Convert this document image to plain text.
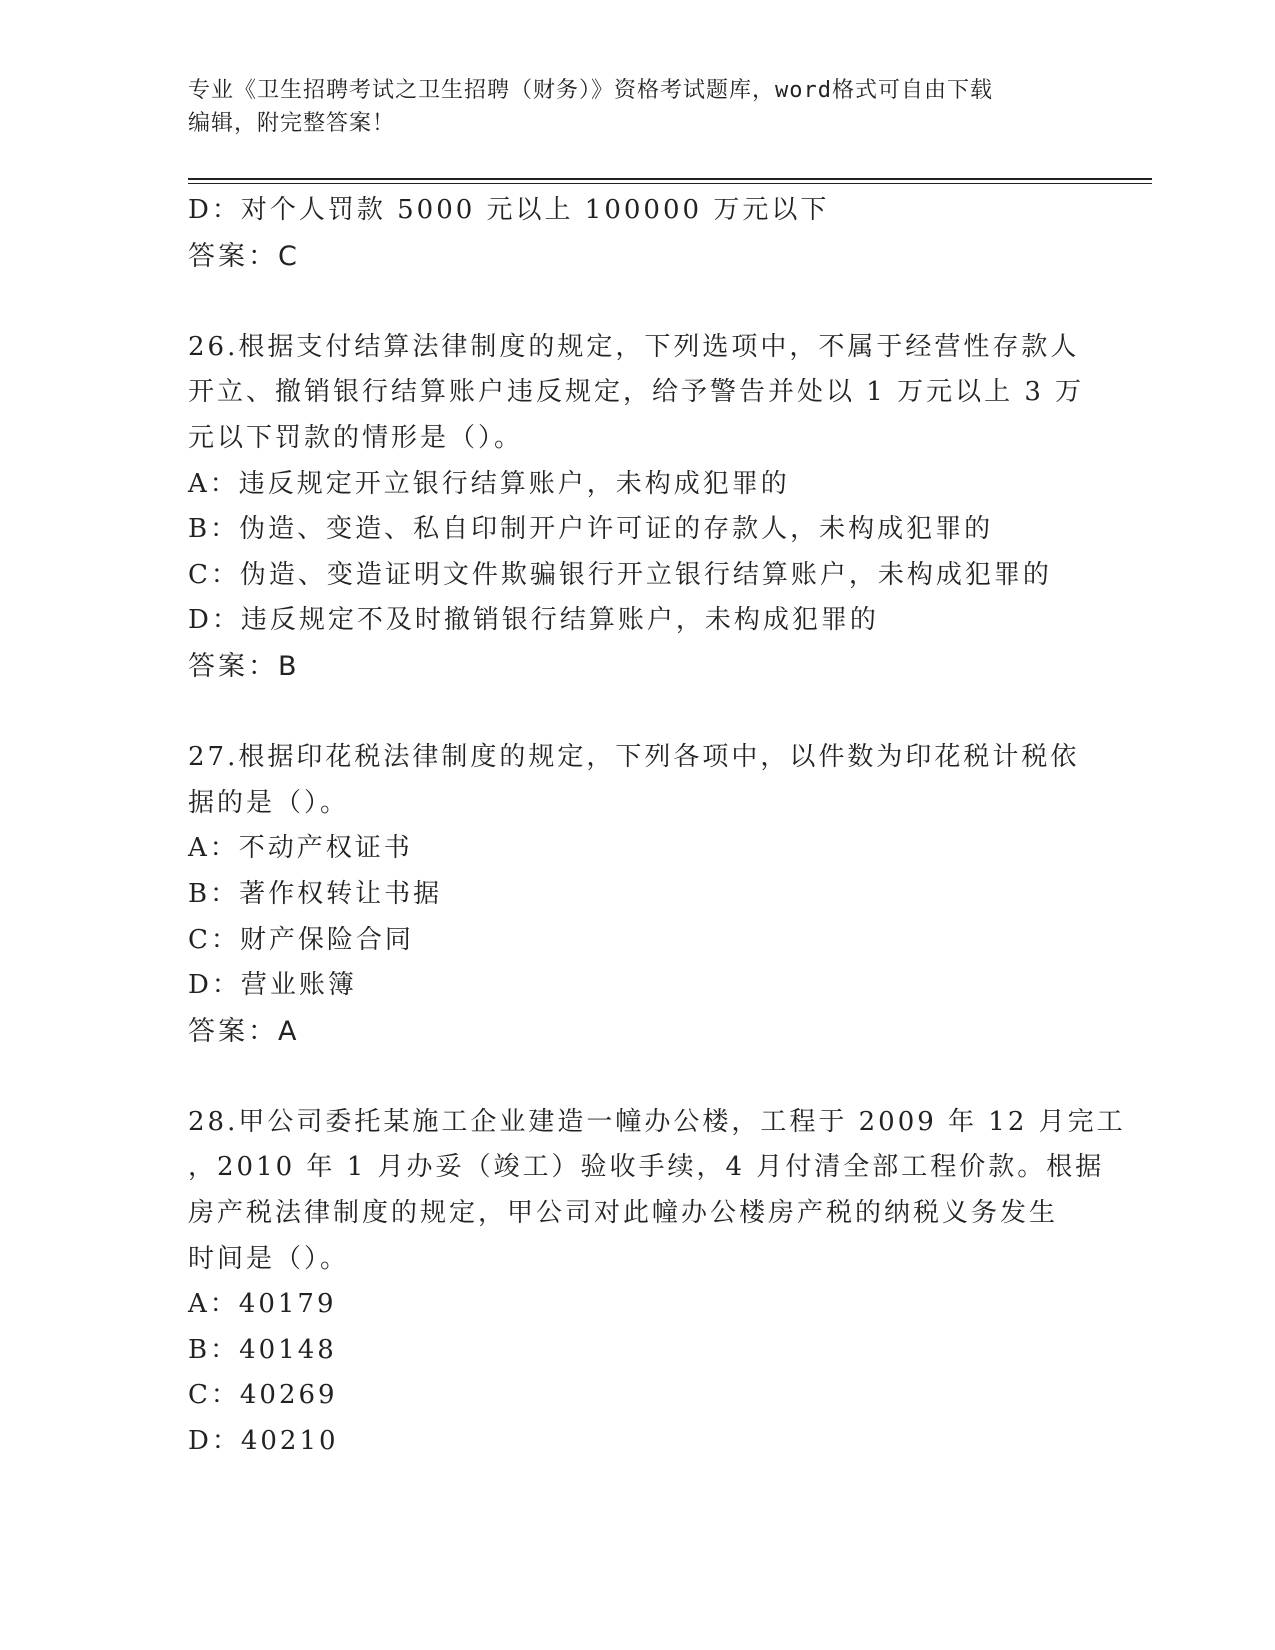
专业《卫生招聘考试之卫生招聘（财务）》资格考试题库，word格式可自由下载
编辑，附完整答案！
D：对个人罚款 5000 元以上 100000 万元以下
答案：C
26.根据支付结算法律制度的规定，下列选项中，不属于经营性存款人
开立、撤销银行结算账户违反规定，给予警告并处以 1 万元以上 3 万
元以下罚款的情形是（）。
A：违反规定开立银行结算账户，未构成犯罪的
B：伪造、变造、私自印制开户许可证的存款人，未构成犯罪的
C：伪造、变造证明文件欺骗银行开立银行结算账户，未构成犯罪的
D：违反规定不及时撤销银行结算账户，未构成犯罪的
答案：B
27.根据印花税法律制度的规定，下列各项中，以件数为印花税计税依
据的是（）。
A：不动产权证书
B：著作权转让书据
C：财产保险合同
D：营业账簿
答案：A
28.甲公司委托某施工企业建造一幢办公楼，工程于 2009 年 12 月完工
，2010 年 1 月办妥（竣工）验收手续，4 月付清全部工程价款。根据
房产税法律制度的规定，甲公司对此幢办公楼房产税的纳税义务发生
时间是（）。
A：40179
B：40148
C：40269
D：40210
